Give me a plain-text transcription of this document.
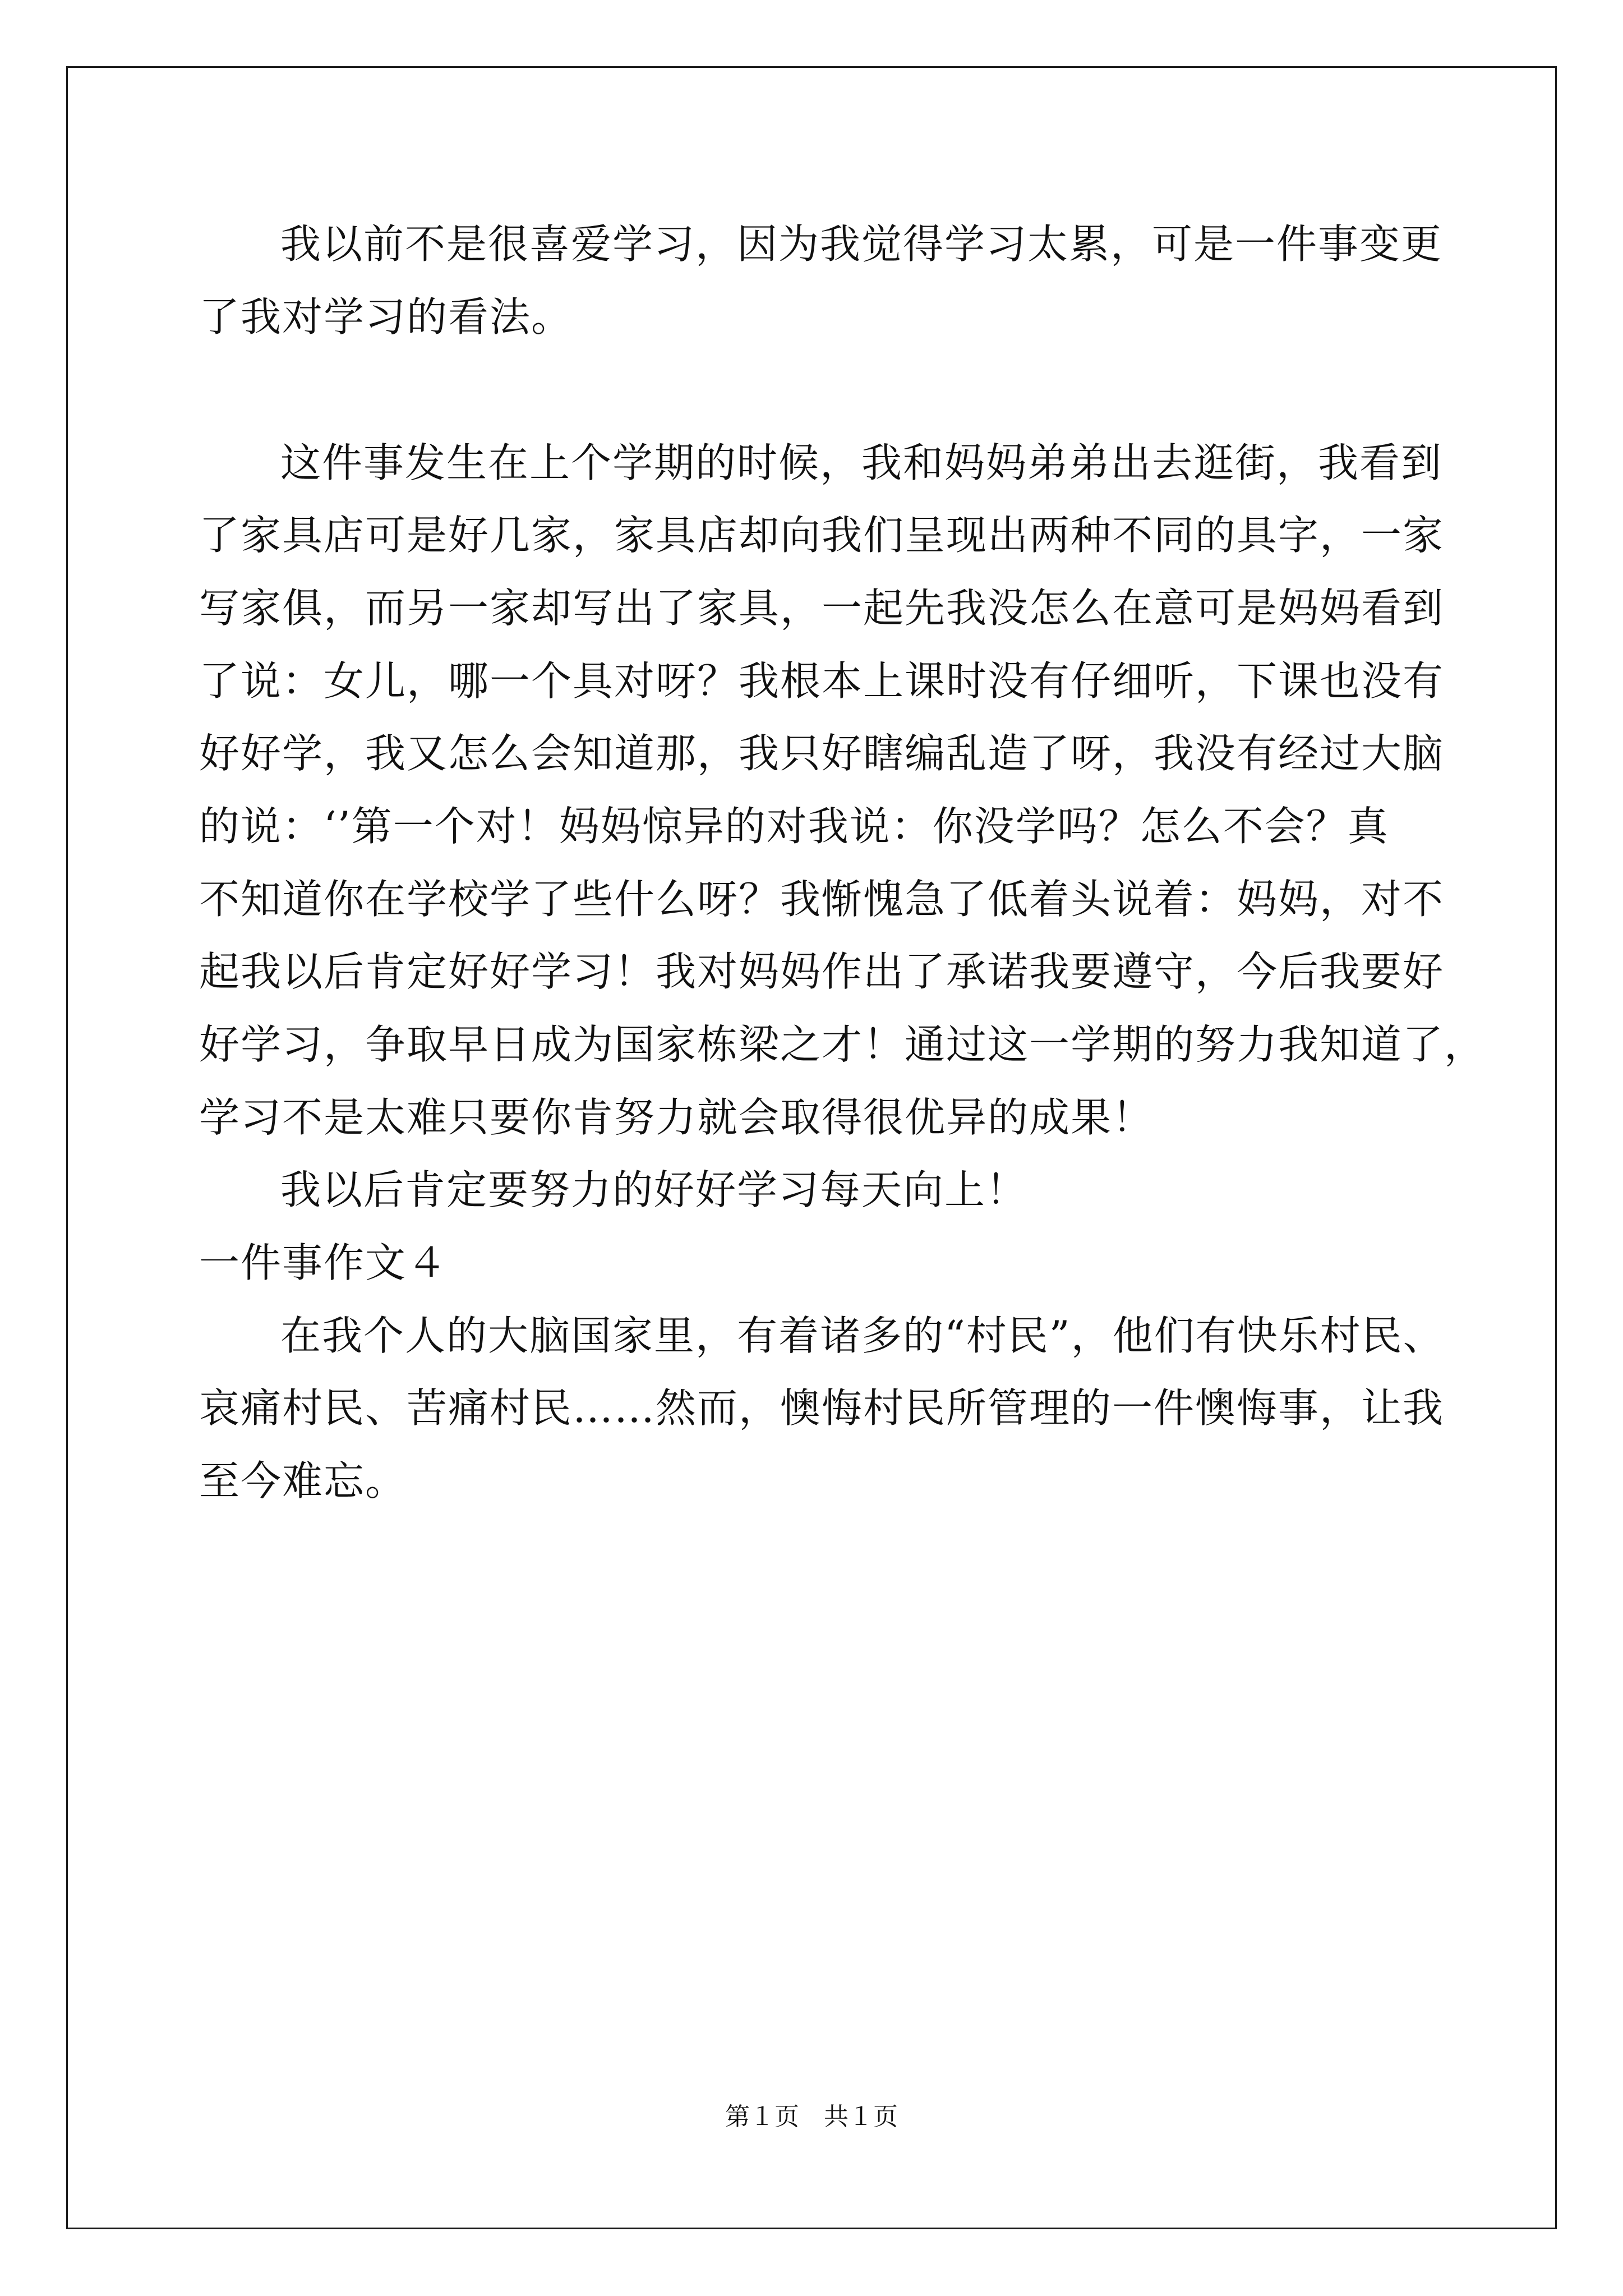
我以前不是很喜爱学习，因为我觉得学习太累，可是一件事变更
了我对学习的看法。
这件事发生在上个学期的时候，我和妈妈弟弟出去逛街，我看到
了家具店可是好几家，家具店却向我们呈现出两种不同的具字，一家
写家俱，而另一家却写出了家具，一起先我没怎么在意可是妈妈看到
了说：女儿，哪一个具对呀？我根本上课时没有仔细听，下课也没有
好好学，我又怎么会知道那，我只好瞎编乱造了呀，我没有经过大脑
的说：‘’第一个对！妈妈惊异的对我说：你没学吗？怎么不会？真
不知道你在学校学了些什么呀？我惭愧急了低着头说着：妈妈，对不
起我以后肯定好好学习！我对妈妈作出了承诺我要遵守，今后我要好
好学习，争取早日成为国家栋梁之才！通过这一学期的努力我知道了，
学习不是太难只要你肯努力就会取得很优异的成果！
我以后肯定要努力的好好学习每天向上！
一件事作文４
在我个人的大脑国家里，有着诸多的“村民”，他们有快乐村民、
哀痛村民、苦痛村民……然而，懊悔村民所管理的一件懊悔事，让我
至今难忘。
第１页　共１页
